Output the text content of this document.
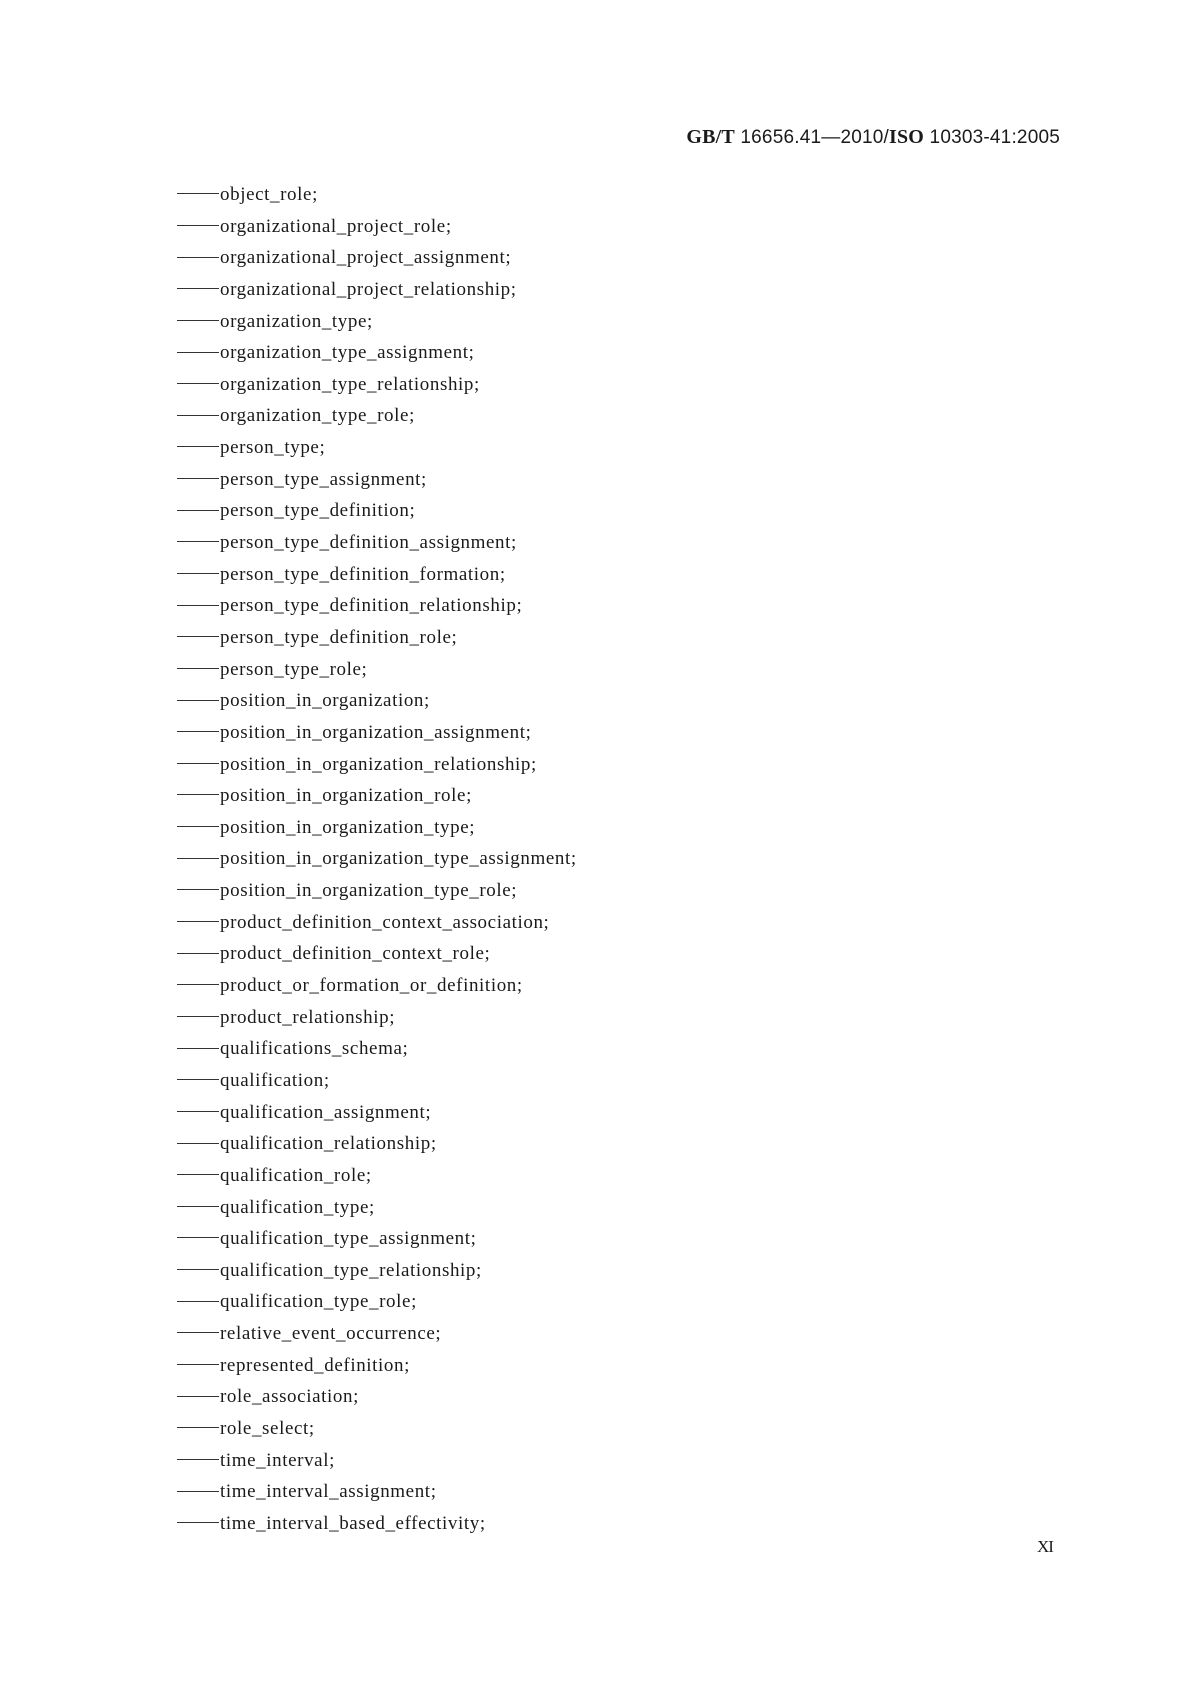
GB/T 16656.41—2010/ISO 10303-41:2005
object_role;
organizational_project_role;
organizational_project_assignment;
organizational_project_relationship;
organization_type;
organization_type_assignment;
organization_type_relationship;
organization_type_role;
person_type;
person_type_assignment;
person_type_definition;
person_type_definition_assignment;
person_type_definition_formation;
person_type_definition_relationship;
person_type_definition_role;
person_type_role;
position_in_organization;
position_in_organization_assignment;
position_in_organization_relationship;
position_in_organization_role;
position_in_organization_type;
position_in_organization_type_assignment;
position_in_organization_type_role;
product_definition_context_association;
product_definition_context_role;
product_or_formation_or_definition;
product_relationship;
qualifications_schema;
qualification;
qualification_assignment;
qualification_relationship;
qualification_role;
qualification_type;
qualification_type_assignment;
qualification_type_relationship;
qualification_type_role;
relative_event_occurrence;
represented_definition;
role_association;
role_select;
time_interval;
time_interval_assignment;
time_interval_based_effectivity;
XI
